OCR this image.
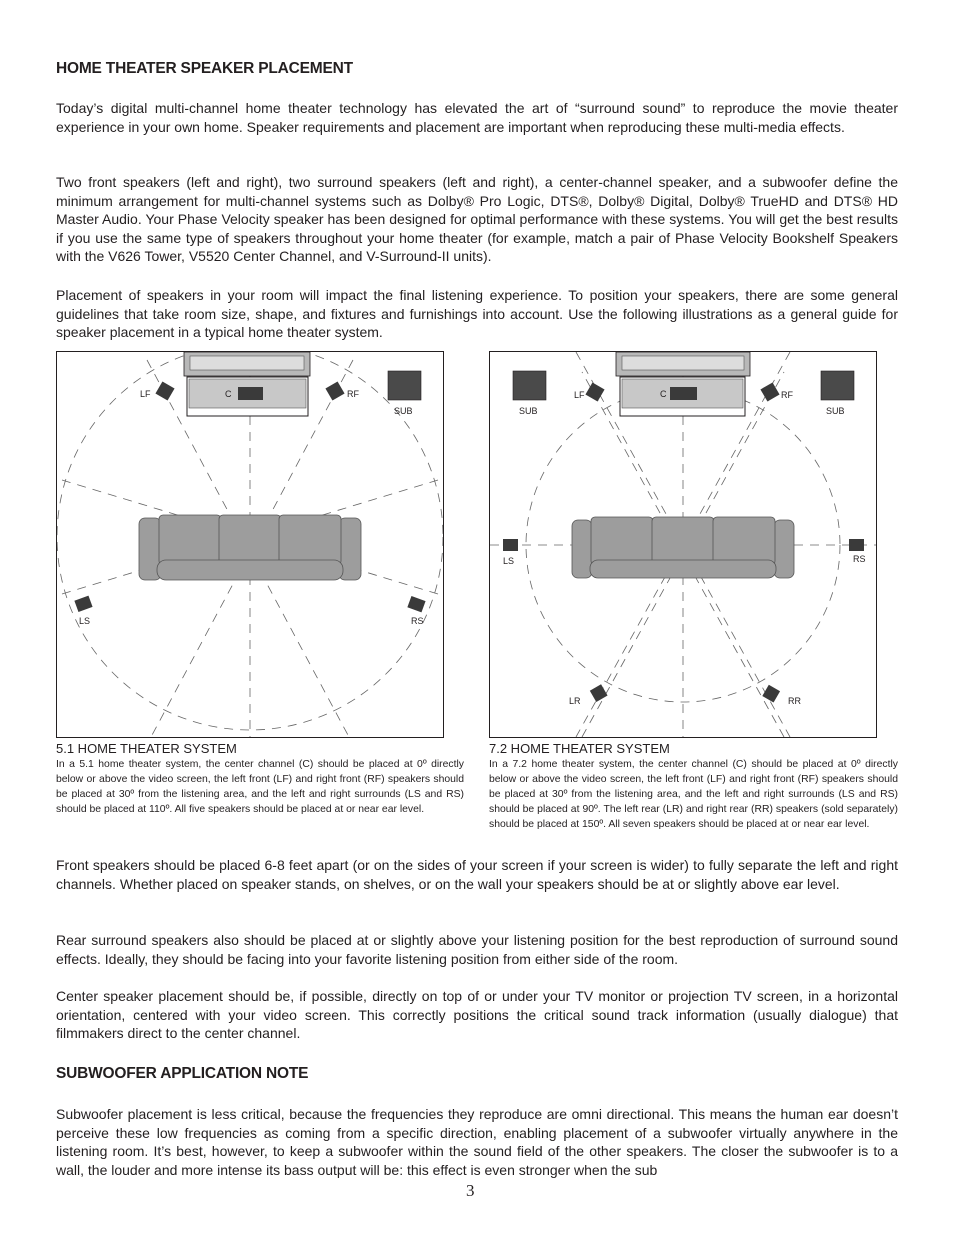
HOME THEATER SPEAKER PLACEMENT

Today’s digital multi-channel home theater technology has elevated the art of “surround sound” to reproduce the movie theater experience in your own home. Speaker requirements and placement are important when reproducing these multi-media effects.

Two front speakers (left and right), two surround speakers (left and right), a center-channel speaker, and a subwoofer define the minimum arrangement for multi-channel systems such as Dolby® Pro Logic, DTS®, Dolby® Digital, Dolby® TrueHD and DTS® HD Master Audio. Your Phase Velocity speaker has been designed for optimal performance with these systems. You will get the best results if you use the same type of speakers throughout your home theater (for example, match a pair of Phase Velocity Bookshelf Speakers with the V626 Tower, V5520 Center Channel, and V-Surround-II units).

Placement of speakers in your room will impact the final listening experience. To position your speakers, there are some general guidelines that take room size, shape, and fixtures and furnishings into account. Use the following illustrations as a general guide for speaker placement in a typical home theater system.

C
LF	RF
SUB
LS	RS
5.1 HOME THEATER SYSTEM

In a 5.1 home theater system, the center channel (C) should be placed at 0º directly below or above the video screen, the left front (LF) and right front (RF) speakers should be placed at 30º from the listening area, and the left and right surrounds (LS and RS) should be placed at 110º. All five speakers should be placed at or near ear level.

C
SUB
LF	RF
SUB
LS	RS
LR	RR
7.2 HOME THEATER SYSTEM

In a 7.2 home theater system, the center channel (C) should be placed at 0º directly below or above the video screen, the left front (LF) and right front (RF) speakers should be placed at 30º from the listening area, and the left and right surrounds (LS and RS) should be placed at 90º. The left rear (LR) and right rear (RR) speakers (sold separately) should be placed at 150º. All seven speakers should be placed at or near ear level.

Front speakers should be placed 6-8 feet apart (or on the sides of your screen if your screen is wider) to fully separate the left and right channels. Whether placed on speaker stands, on shelves, or on the wall your speakers should be at or slightly above ear level.

Rear surround speakers also should be placed at or slightly above your listening position for the best reproduction of surround sound effects. Ideally, they should be facing into your favorite listening position from either side of the room.

Center speaker placement should be, if possible, directly on top of or under your TV monitor or projection TV screen, in a horizontal orientation, centered with your video screen. This correctly positions the critical sound track information (usually dialogue) that filmmakers direct to the center channel.

SUBWOOFER APPLICATION NOTE

Subwoofer placement is less critical, because the frequencies they reproduce are omni directional. This means the human ear doesn’t perceive these low frequencies as coming from a specific direction, enabling placement of a subwoofer virtually anywhere in the listening room. It’s best, however, to keep a subwoofer within the sound field of the other speakers. The closer the subwoofer is to a wall, the louder and more intense its bass output will be: this effect is even stronger when the sub

3
